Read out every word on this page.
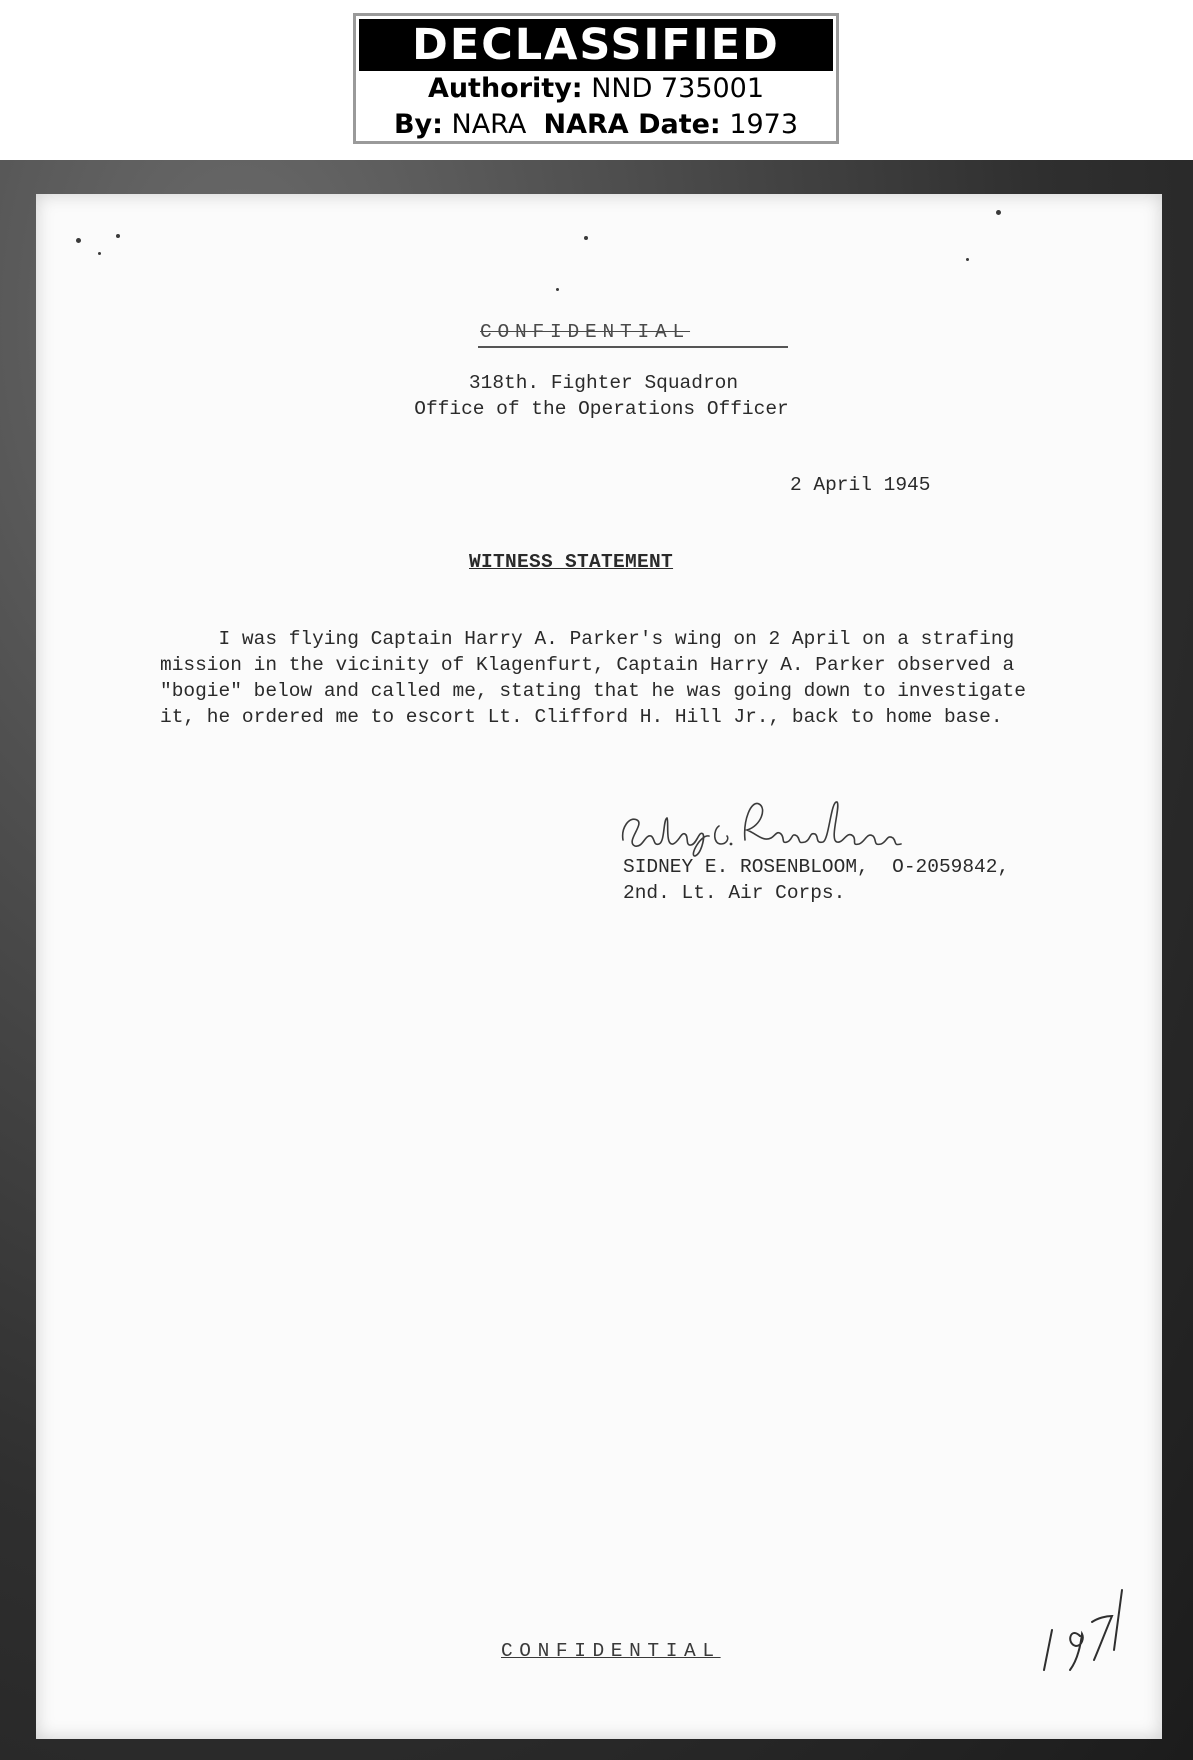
DECLASSIFIED
Authority: NND 735001
By: NARA NARA Date: 1973
CONFIDENTIAL
318th. Fighter Squadron
Office of the Operations Officer
2 April 1945
WITNESS STATEMENT
I was flying Captain Harry A. Parker's wing on 2 April on a strafing
mission in the vicinity of Klagenfurt, Captain Harry A. Parker observed a
"bogie" below and called me, stating that he was going down to investigate
it, he ordered me to escort Lt. Clifford H. Hill Jr., back to home base.
SIDNEY E. ROSENBLOOM,  O-2059842,
2nd. Lt. Air Corps.
CONFIDENTIAL
